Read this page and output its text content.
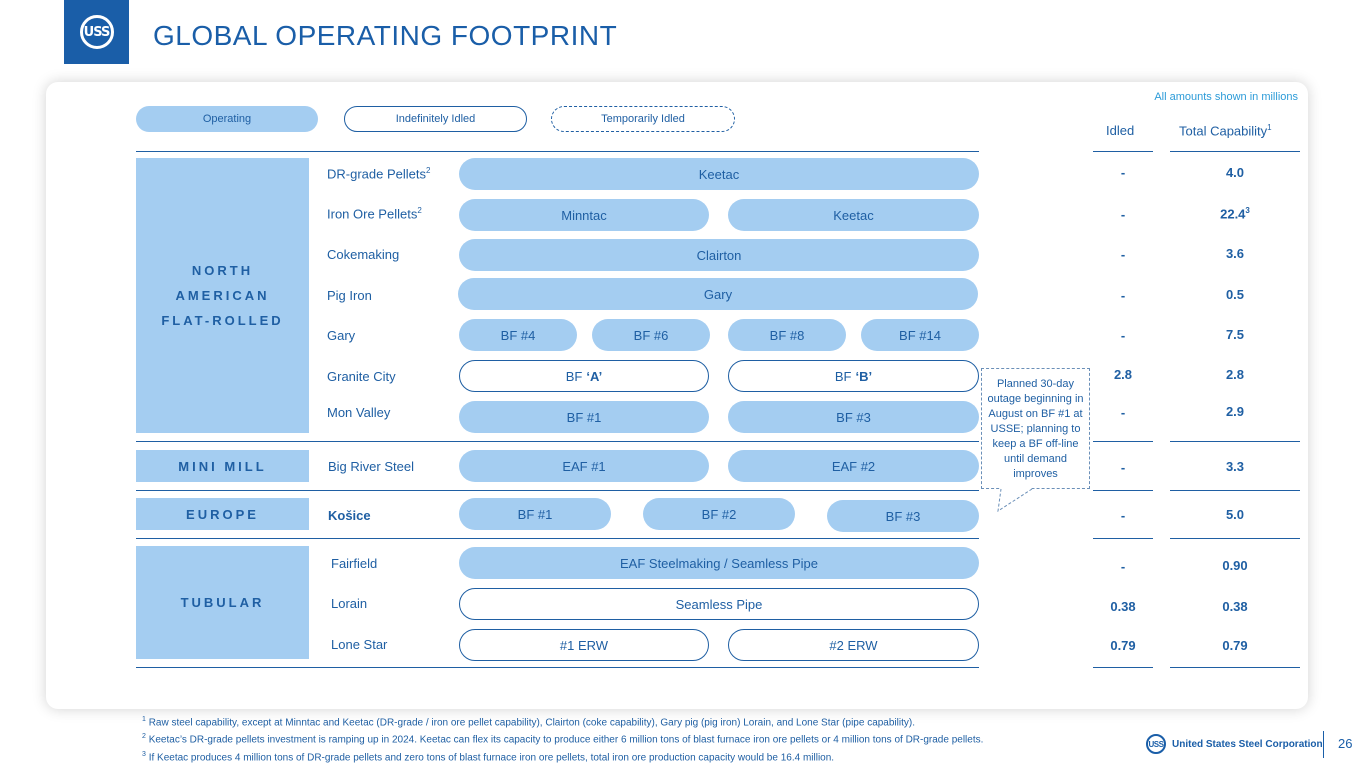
USS GLOBAL OPERATING FOOTPRINT
All amounts shown in millions
Operating	Indefinitely Idled	Temporarily Idled
Idled	Total Capability$^1$
NORTH
AMERICAN
FLAT-ROLLED
MINI MILL
EUROPE
TUBULAR
DR-grade Pellets$^2$	Keetac	-	4.0
Iron Ore Pellets$^2$	Minntac	Keetac	-	22.4$^3$
Cokemaking	Clairton	-	3.6
Pig Iron	Gary	-	0.5
Gary	BF #4	BF #6	BF #8	BF #14	-	7.5
Granite City	BF ‘A’	BF ‘B’	2.8	2.8
Mon Valley	BF #1	BF #3	-	2.9
Big River Steel	EAF #1	EAF #2	-	3.3
Košice	BF #1	BF #2	BF #3	-	5.0
Fairfield	EAF Steelmaking / Seamless Pipe	-	0.90
Lorain	Seamless Pipe	0.38	0.38
Lone Star	#1 ERW	#2 ERW	0.79	0.79
Planned 30-day outage beginning in August on BF #1 at USSE; planning to keep a BF off-line until demand improves
$^1$ Raw steel capability, except at Minntac and Keetac (DR-grade / iron ore pellet capability), Clairton (coke capability), Gary pig (pig iron) Lorain, and Lone Star (pipe capability).
$^2$ Keetac’s DR-grade pellets investment is ramping up in 2024. Keetac can flex its capacity to produce either 6 million tons of blast furnace iron ore pellets or 4 million tons of DR-grade pellets.
$^3$ If Keetac produces 4 million tons of DR-grade pellets and zero tons of blast furnace iron ore pellets, total iron ore production capacity would be 16.4 million.
USS United States Steel Corporation 26
